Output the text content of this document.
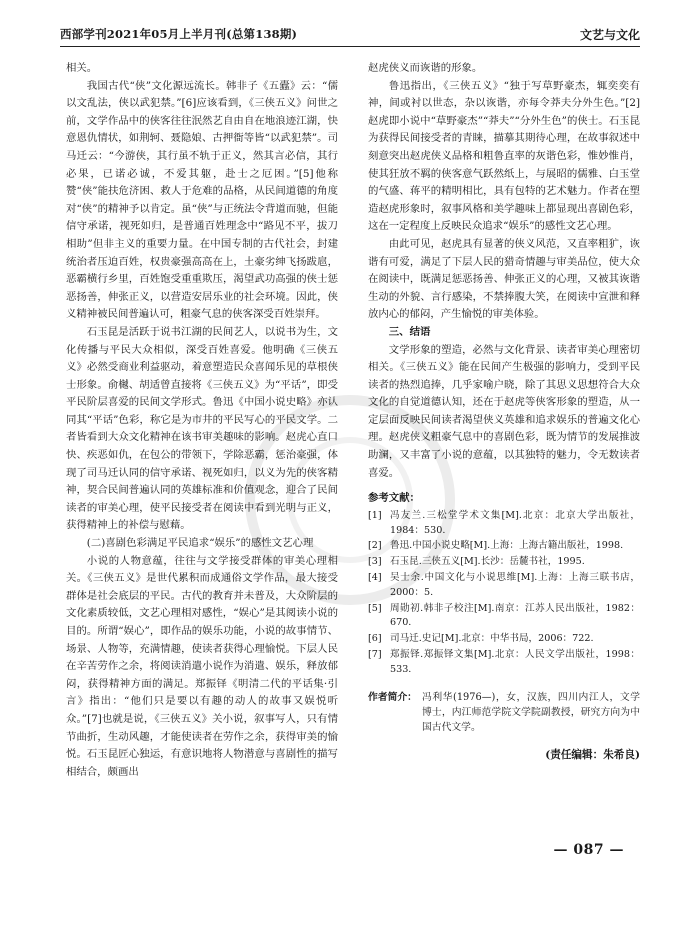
西部学刊2021年05月上半月刊(总第138期)	文艺与文化

相关。

我国古代“侠”文化源远流长。韩非子《五蠹》云：“儒以文乱法，侠以武犯禁。”[6]应该看到，《三侠五义》问世之前，文学作品中的侠客往往泯然艺自由自在地浪迹江湖，快意恩仇情状，如荆轲、聂隐娘、古押衙等皆“以武犯禁”。司马迁云：“今游侠，其行虽不轨于正义，然其言必信，其行必果，已诺必诚，不爱其躯，赴士之厄困。”[5]他称赞“侠”能扶危济困、救人于危难的品格，从民间道德的角度对“侠”的精神予以肯定。虽“侠”与正统法令背道而驰，但能信守承诺，视死如归，是普通百姓理念中“路见不平，拔刀相助”但非主义的重要力量。在中国专制的古代社会，封建统治者压迫百姓，权贵豪强高高在上，土豪劣绅飞扬跋扈，恶霸横行乡里，百姓饱受重重欺压，渴望武功高强的侠士惩恶扬善，伸张正义，以营造安居乐业的社会环境。因此，侠义精神被民间普遍认可，粗豪气息的侠客深受百姓崇拜。

石玉昆是活跃于说书江湖的民间艺人，以说书为生，文化传播与平民大众相似，深受百姓喜爱。他明确《三侠五义》必然受商业利益驱动，着意塑造民众喜闻乐见的草根侠士形象。俞樾、胡适曾直接将《三侠五义》为“平话”，即受平民阶层喜爱的民间文学形式。鲁迅《中国小说史略》亦认同其“平话”色彩，称它是为市井的平民写心的平民文学。二者皆看到大众文化精神在该书审美趣味的影响。赵虎心直口快、疾恶如仇，在包公的带领下，学除恶霸，惩治豪强，体现了司马迁认同的信守承诺、视死如归，以义为先的侠客精神，契合民间普遍认同的英雄标准和价值观念，迎合了民间读者的审美心理，使平民接受者在阅读中看到光明与正义，获得精神上的补偿与慰藉。

(二)喜剧色彩满足平民追求“娱乐”的感性文艺心理

小说的人物意蕴，往往与文学接受群体的审美心理相关。《三侠五义》是世代累积而成通俗文学作品，最大接受群体是社会底层的平民。古代的教育并未普及，大众阶层的文化素质较低，文艺心理相对感性，“娱心”是其阅读小说的目的。所谓“娱心”，即作品的娱乐功能，小说的故事情节、场景、人物等，充满情趣，使读者获得心理愉悦。下层人民在辛苦劳作之余，将阅读消遣小说作为消遣、娱乐，释放郁闷，获得精神方面的满足。郑振铎《明清二代的平话集·引言》指出：“他们只是要以有趣的动人的故事又娱悦听众。”[7]也就是说，《三侠五义》关小说，叙事写人，只有情节曲折，生动风趣，才能使读者在劳作之余，获得审美的愉悦。石玉昆匠心独运，有意识地将人物潜意与喜剧性的描写相结合，颇画出

赵虎侠义而诙谐的形象。

鲁迅指出，《三侠五义》“独于写草野豪杰，辄奕奕有神，间或衬以世态，杂以诙谐，亦每令莽夫分外生色。”[2]赵虎即小说中“草野豪杰”“莽夫”“分外生色”的侠士。石玉昆为获得民间接受者的青睐，描摹其期待心理，在故事叙述中刻意突出赵虎侠义品格和粗鲁直率的灰谐色彩，惟妙惟肖，使其狂放不羁的侠客意气跃然纸上，与展昭的儒雅、白玉堂的气盛、蒋平的精明相比，具有包特的艺术魅力。作者在塑造赵虎形象时，叙事风格和美学趣味上都显现出喜剧色彩，这在一定程度上反映民众追求“娱乐”的感性文艺心理。

由此可见，赵虎具有显著的侠义风范，又直率粗犷，诙谐有可爱，满足了下层人民的猎奇情趣与审美品位，使大众在阅读中，既满足惩恶扬善、伸张正义的心理，又被其诙谐生动的外貌、言行感染，不禁捧腹大笑，在阅读中宣泄和释放内心的郁闷，产生愉悦的审美体验。

三、结语

文学形象的塑造，必然与文化背景、读者审美心理密切相关。《三侠五义》能在民间产生极强的影响力，受到平民读者的热烈追捧，几乎家喻户晓，除了其思义思想符合大众文化的自觉道德认知，还在于赵虎等侠客形象的塑造，从一定层面反映民间读者渴望侠义英雄和追求娱乐的普遍文化心理。赵虎侠义粗豪气息中的喜剧色彩，既为情节的发展推波助澜，又丰富了小说的意蕴，以其独特的魅力，令无数读者喜爱。

参考文献：
[1] 冯友兰.三松堂学术文集[M].北京：北京大学出版社，1984：530.
[2] 鲁迅.中国小说史略[M].上海：上海古籍出版社，1998.
[3] 石玉昆.三侠五义[M].长沙：岳麓书社，1995.
[4] 吴士余.中国文化与小说思维[M].上海：上海三联书店，2000：5.
[5] 周勋初.韩非子校注[M].南京：江苏人民出版社，1982：670.
[6] 司马迁.史记[M].北京：中华书局，2006：722.
[7] 郑振铎.郑振铎文集[M].北京：人民文学出版社，1998：533.
作者简介： 冯利华(1976—)，女，汉族，四川内江人，文学博士，内江师范学院文学院副教授，研究方向为中国古代文学。
(责任编辑：朱希良)
— 087 —
